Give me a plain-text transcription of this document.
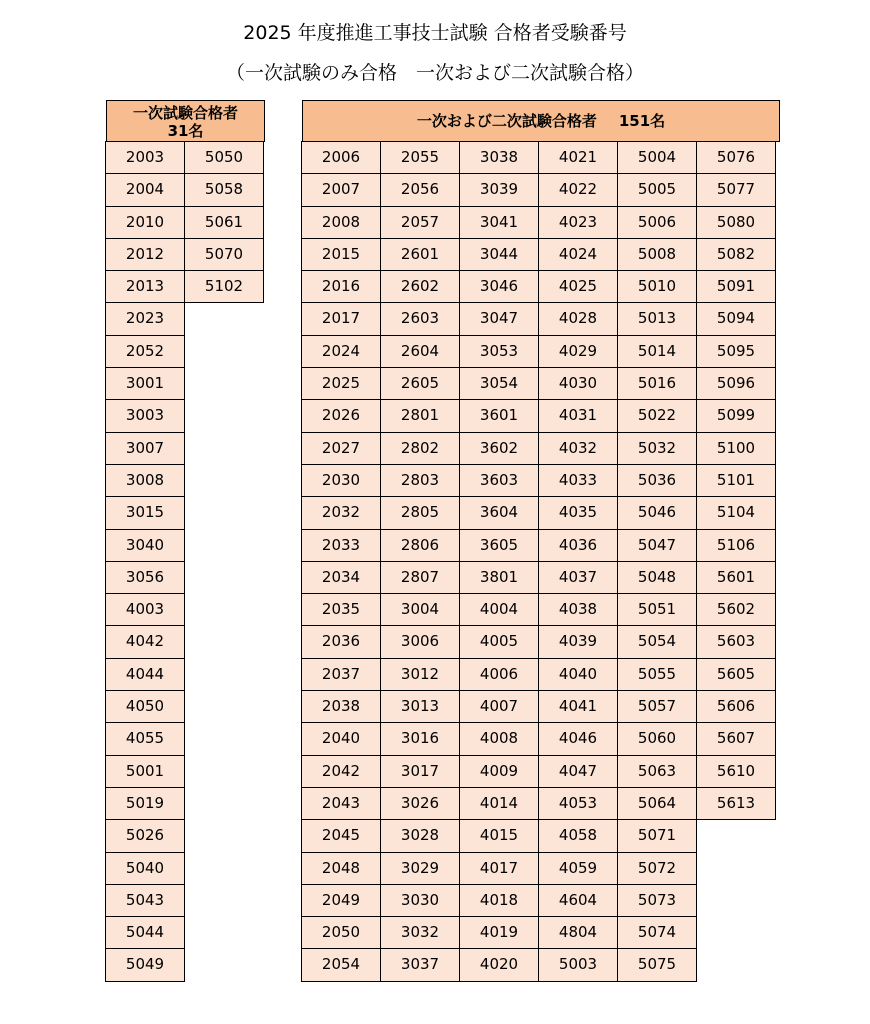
2025 年度推進工事技士試験 合格者受験番号
（一次試験のみ合格　一次および二次試験合格）
一次試験合格者
31名
一次および二次試験合格者 151名
2003
2004
2010
2012
2013
2023
2052
3001
3003
3007
3008
3015
3040
3056
4003
4042
4044
4050
4055
5001
5019
5026
5040
5043
5044
5049
5050
5058
5061
5070
5102
2006
2007
2008
2015
2016
2017
2024
2025
2026
2027
2030
2032
2033
2034
2035
2036
2037
2038
2040
2042
2043
2045
2048
2049
2050
2054
2055
2056
2057
2601
2602
2603
2604
2605
2801
2802
2803
2805
2806
2807
3004
3006
3012
3013
3016
3017
3026
3028
3029
3030
3032
3037
3038
3039
3041
3044
3046
3047
3053
3054
3601
3602
3603
3604
3605
3801
4004
4005
4006
4007
4008
4009
4014
4015
4017
4018
4019
4020
4021
4022
4023
4024
4025
4028
4029
4030
4031
4032
4033
4035
4036
4037
4038
4039
4040
4041
4046
4047
4053
4058
4059
4604
4804
5003
5004
5005
5006
5008
5010
5013
5014
5016
5022
5032
5036
5046
5047
5048
5051
5054
5055
5057
5060
5063
5064
5071
5072
5073
5074
5075
5076
5077
5080
5082
5091
5094
5095
5096
5099
5100
5101
5104
5106
5601
5602
5603
5605
5606
5607
5610
5613
